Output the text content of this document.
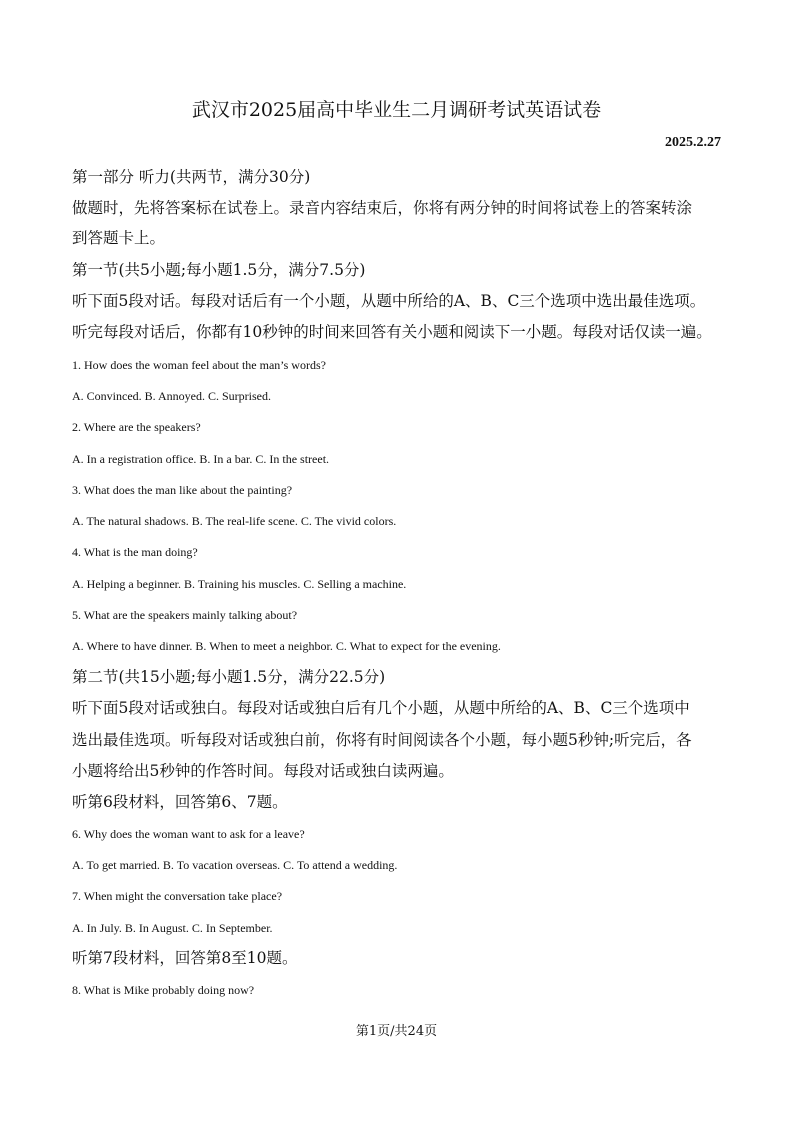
武汉市2025届高中毕业生二月调研考试英语试卷
2025.2.27
第一部分 听力(共两节，满分30分)
做题时，先将答案标在试卷上。录音内容结束后，你将有两分钟的时间将试卷上的答案转涂
到答题卡上。
第一节(共5小题;每小题1.5分，满分7.5分)
听下面5段对话。每段对话后有一个小题，从题中所给的A、B、C三个选项中选出最佳选项。
听完每段对话后，你都有10秒钟的时间来回答有关小题和阅读下一小题。每段对话仅读一遍。
1. How does the woman feel about the man’s words?
A. Convinced. B. Annoyed. C. Surprised.
2. Where are the speakers?
A. In a registration office. B. In a bar. C. In the street.
3. What does the man like about the painting?
A. The natural shadows. B. The real-life scene. C. The vivid colors.
4. What is the man doing?
A. Helping a beginner. B. Training his muscles. C. Selling a machine.
5. What are the speakers mainly talking about?
A. Where to have dinner. B. When to meet a neighbor. C. What to expect for the evening.
第二节(共15小题;每小题1.5分，满分22.5分)
听下面5段对话或独白。每段对话或独白后有几个小题，从题中所给的A、B、C三个选项中
选出最佳选项。听每段对话或独白前，你将有时间阅读各个小题，每小题5秒钟;听完后，各
小题将给出5秒钟的作答时间。每段对话或独白读两遍。
听第6段材料，回答第6、7题。
6. Why does the woman want to ask for a leave?
A. To get married. B. To vacation overseas. C. To attend a wedding.
7. When might the conversation take place?
A. In July. B. In August. C. In September.
听第7段材料，回答第8至10题。
8. What is Mike probably doing now?
第1页/共24页
